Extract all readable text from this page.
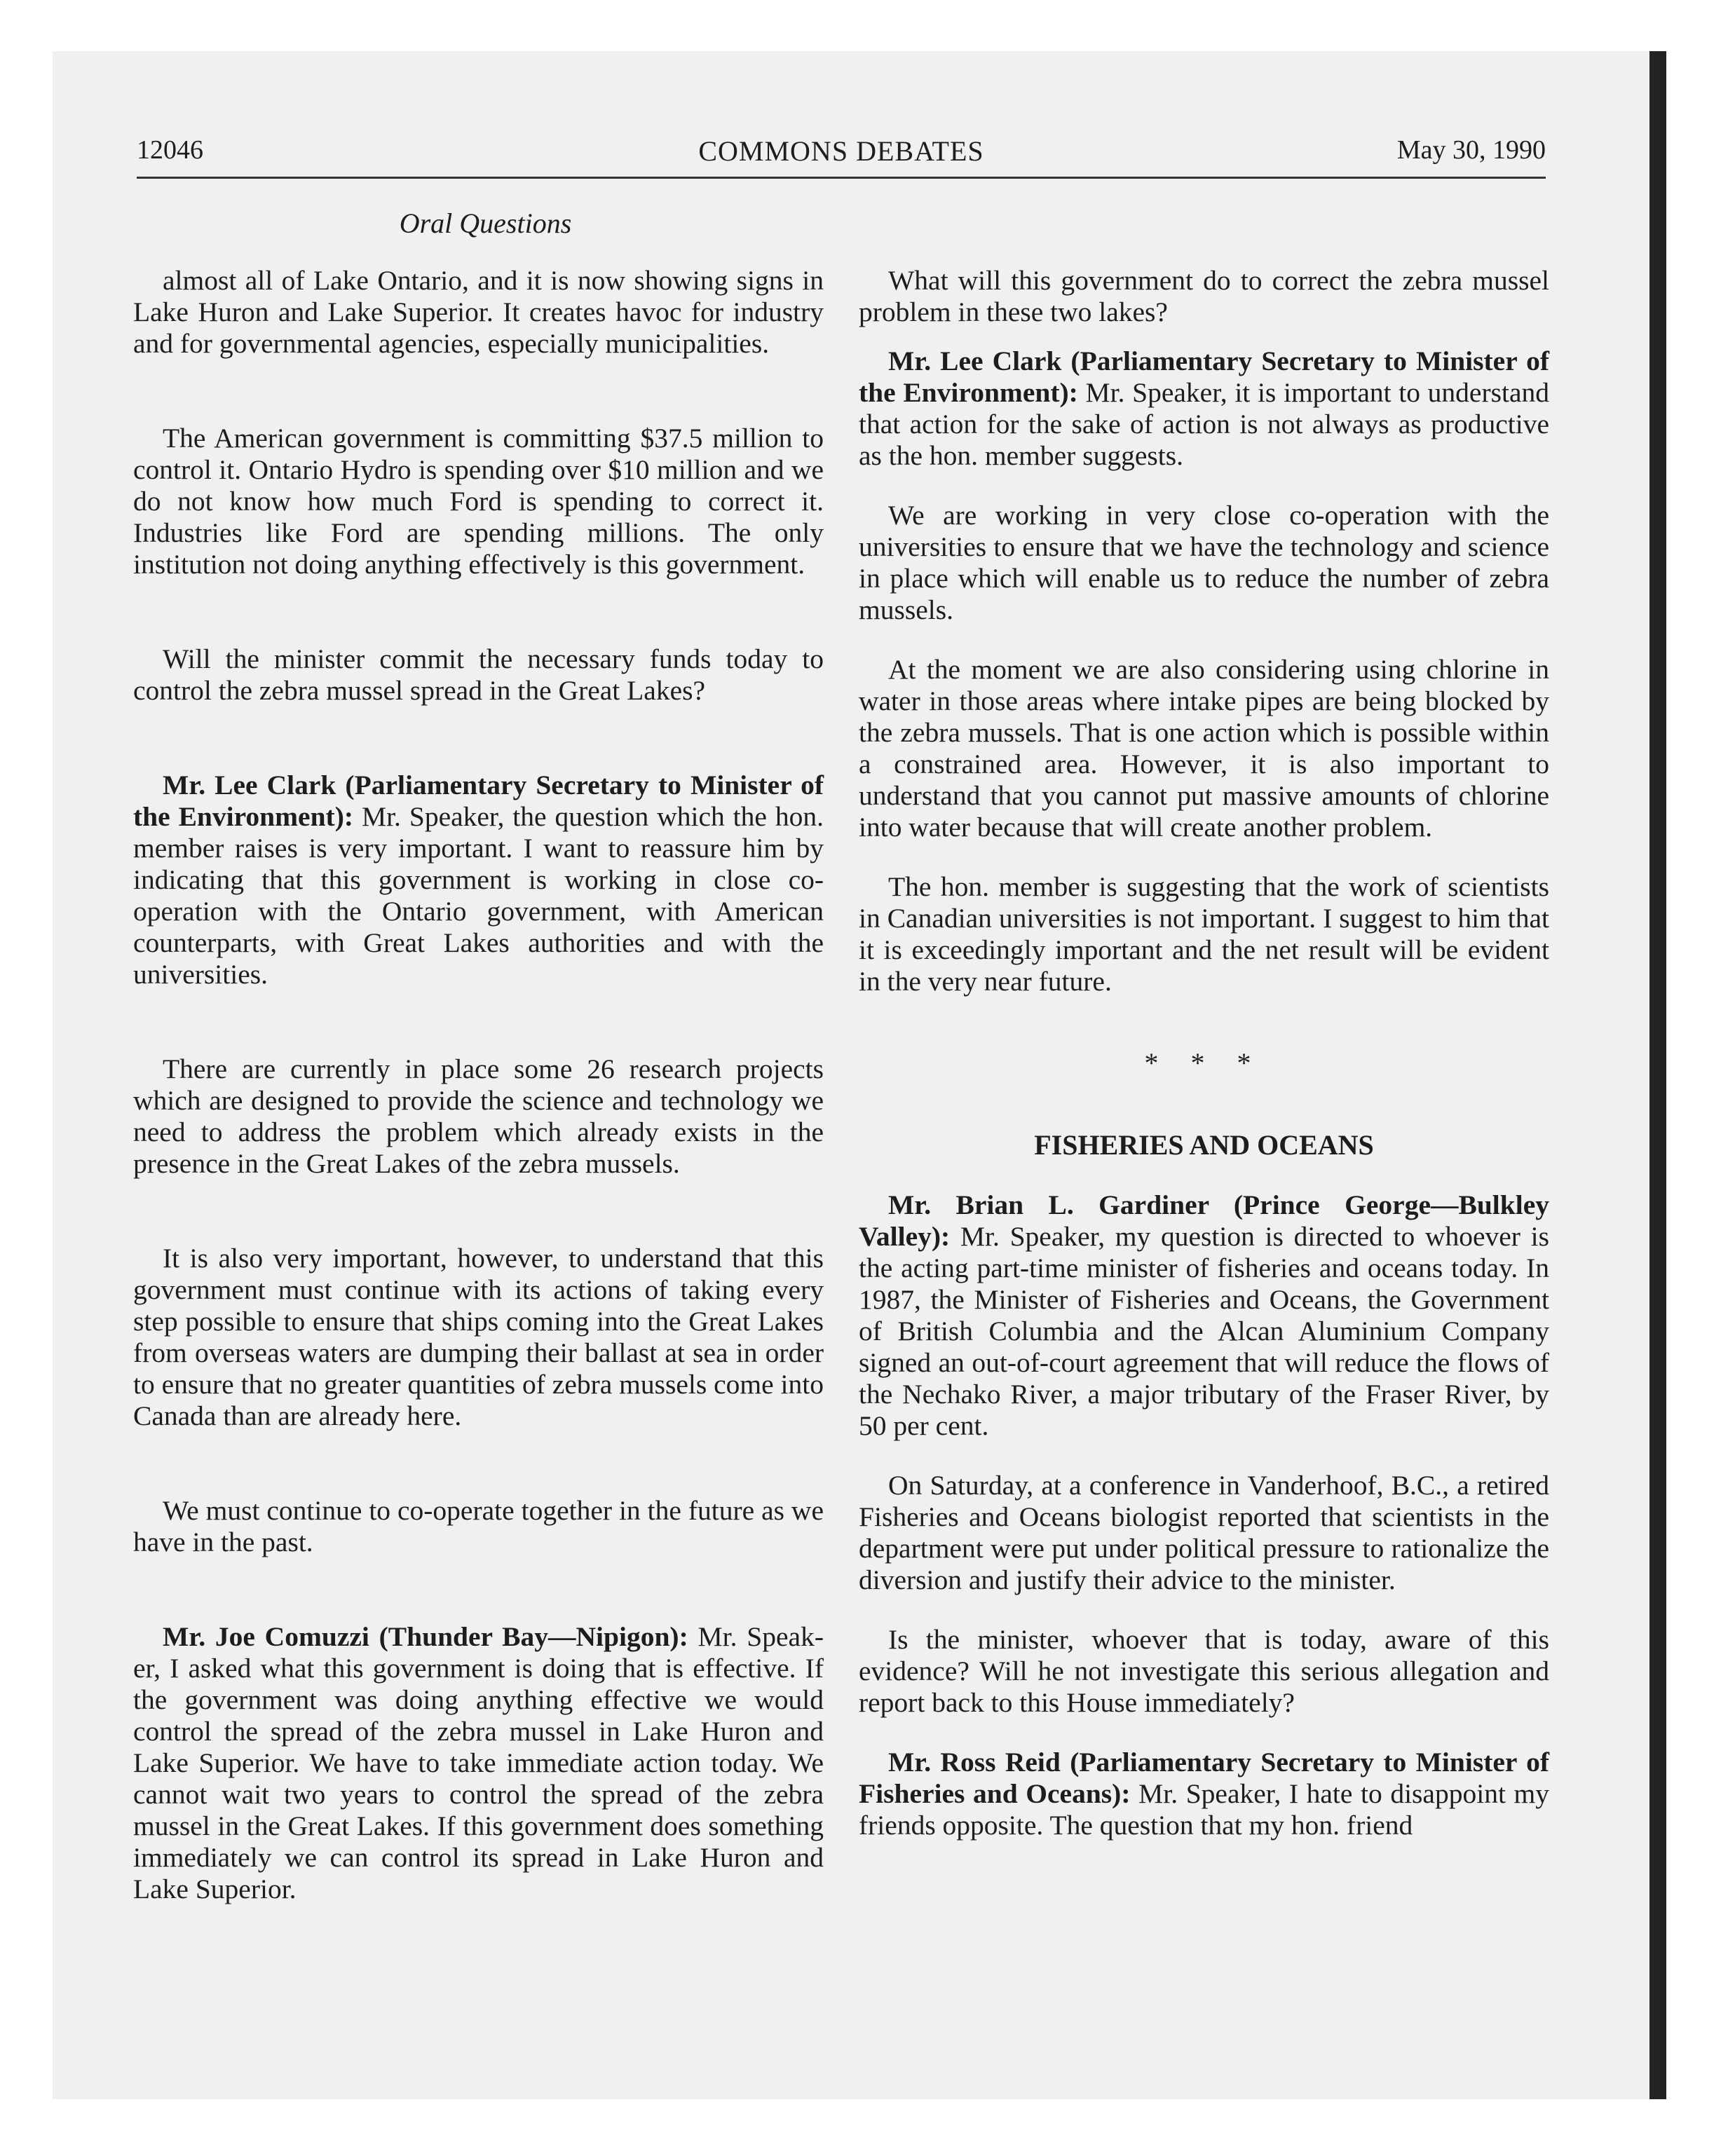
12046	COMMONS DEBATES	May 30, 1990
Oral Questions

almost all of Lake Ontario, and it is now showing signs in Lake Huron and Lake Superior. It creates havoc for industry and for governmental agencies, especially municipalities.

The American government is committing $37.5 million to control it. Ontario Hydro is spending over $10 million and we do not know how much Ford is spending to correct it. Industries like Ford are spending millions. The only institution not doing anything effectively is this government.

Will the minister commit the necessary funds today to control the zebra mussel spread in the Great Lakes?

Mr. Lee Clark (Parliamentary Secretary to Minister of the Environment): Mr. Speaker, the question which the hon. member raises is very important. I want to reassure him by indicating that this government is working in close co-operation with the Ontario government, with American counterparts, with Great Lakes authorities and with the universities.

There are currently in place some 26 research projects which are designed to provide the science and technology we need to address the problem which already exists in the presence in the Great Lakes of the zebra mussels.

It is also very important, however, to understand that this government must continue with its actions of taking every step possible to ensure that ships coming into the Great Lakes from overseas waters are dumping their ballast at sea in order to ensure that no greater quantities of zebra mussels come into Canada than are already here.

We must continue to co-operate together in the future as we have in the past.

Mr. Joe Comuzzi (Thunder Bay—Nipigon): Mr. Speaker, I asked what this government is doing that is effective. If the government was doing anything effective we would control the spread of the zebra mussel in Lake Huron and Lake Superior. We have to take immediate action today. We cannot wait two years to control the spread of the zebra mussel in the Great Lakes. If this government does something immediately we can control its spread in Lake Huron and Lake Superior.

What will this government do to correct the zebra mussel problem in these two lakes?

Mr. Lee Clark (Parliamentary Secretary to Minister of the Environment): Mr. Speaker, it is important to understand that action for the sake of action is not always as productive as the hon. member suggests.

We are working in very close co-operation with the universities to ensure that we have the technology and science in place which will enable us to reduce the number of zebra mussels.

At the moment we are also considering using chlorine in water in those areas where intake pipes are being blocked by the zebra mussels. That is one action which is possible within a constrained area. However, it is also important to understand that you cannot put massive amounts of chlorine into water because that will create another problem.

The hon. member is suggesting that the work of scientists in Canadian universities is not important. I suggest to him that it is exceedingly important and the net result will be evident in the very near future.

* * *

FISHERIES AND OCEANS

Mr. Brian L. Gardiner (Prince George—Bulkley Valley): Mr. Speaker, my question is directed to whoever is the acting part-time minister of fisheries and oceans today. In 1987, the Minister of Fisheries and Oceans, the Government of British Columbia and the Alcan Aluminium Company signed an out-of-court agreement that will reduce the flows of the Nechako River, a major tributary of the Fraser River, by 50 per cent.

On Saturday, at a conference in Vanderhoof, B.C., a retired Fisheries and Oceans biologist reported that scientists in the department were put under political pressure to rationalize the diversion and justify their advice to the minister.

Is the minister, whoever that is today, aware of this evidence? Will he not investigate this serious allegation and report back to this House immediately?

Mr. Ross Reid (Parliamentary Secretary to Minister of Fisheries and Oceans): Mr. Speaker, I hate to disappoint my friends opposite. The question that my hon. friend
